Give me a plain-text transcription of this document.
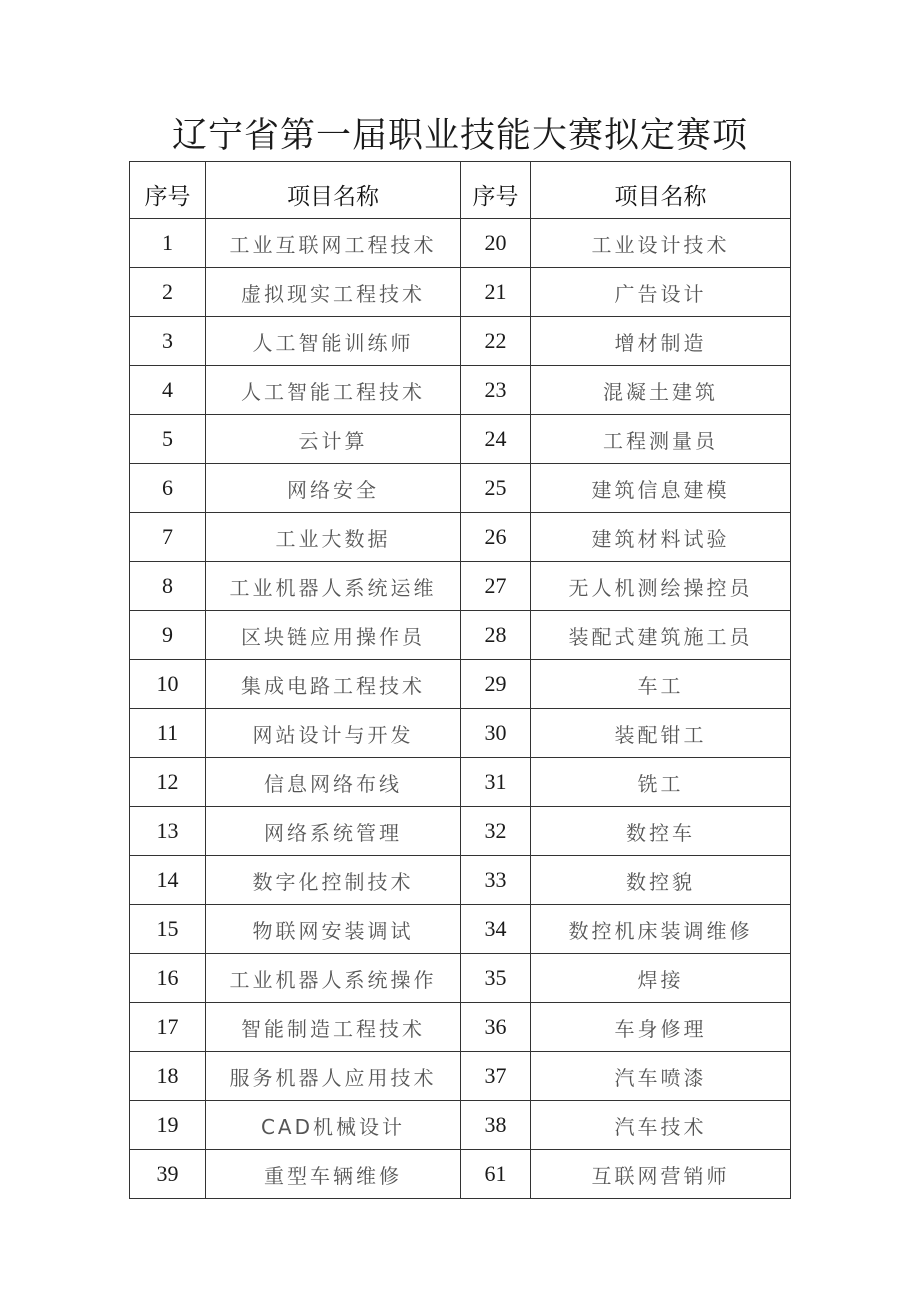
辽宁省第一届职业技能大赛拟定赛项
序号	项目名称	序号	项目名称
1	工业互联网工程技术	20	工业设计技术
2	虚拟现实工程技术	21	广告设计
3	人工智能训练师	22	增材制造
4	人工智能工程技术	23	混凝土建筑
5	云计算	24	工程测量员
6	网络安全	25	建筑信息建模
7	工业大数据	26	建筑材料试验
8	工业机器人系统运维	27	无人机测绘操控员
9	区块链应用操作员	28	装配式建筑施工员
10	集成电路工程技术	29	车工
11	网站设计与开发	30	装配钳工
12	信息网络布线	31	铣工
13	网络系统管理	32	数控车
14	数字化控制技术	33	数控貌
15	物联网安装调试	34	数控机床装调维修
16	工业机器人系统操作	35	焊接
17	智能制造工程技术	36	车身修理
18	服务机器人应用技术	37	汽车喷漆
19	CAD机械设计	38	汽车技术
39	重型车辆维修	61	互联网营销师
